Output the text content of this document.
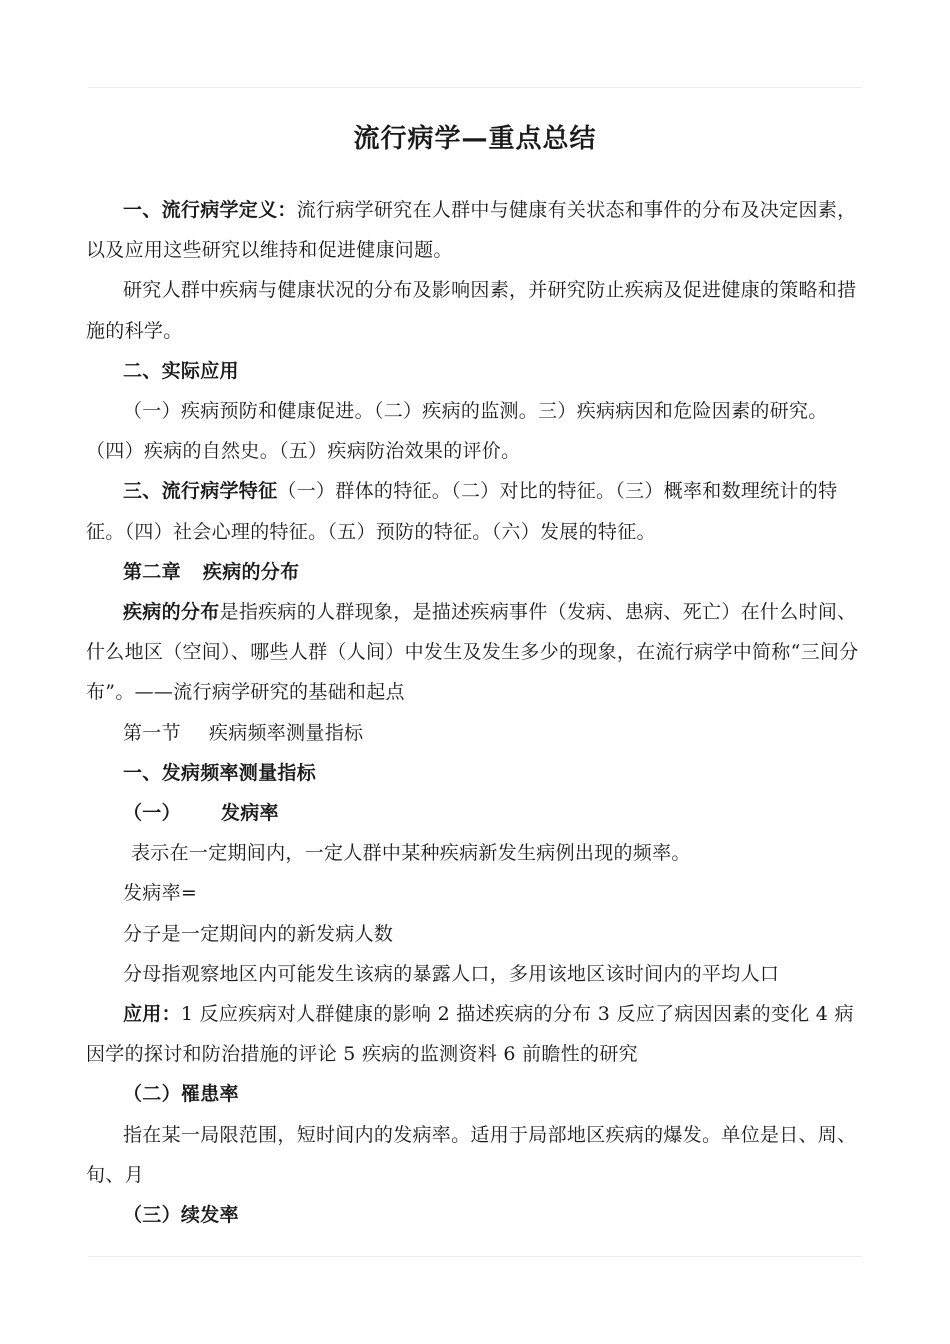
流行病学—重点总结

一、流行病学定义：流行病学研究在人群中与健康有关状态和事件的分布及决定因素，以及应用这些研究以维持和促进健康问题。

研究人群中疾病与健康状况的分布及影响因素，并研究防止疾病及促进健康的策略和措施的科学。

二、实际应用

（一）疾病预防和健康促进。（二）疾病的监测。三）疾病病因和危险因素的研究。（四）疾病的自然史。（五）疾病防治效果的评价。

三、流行病学特征（一）群体的特征。（二）对比的特征。（三）概率和数理统计的特征。（四）社会心理的特征。（五）预防的特征。（六）发展的特征。

第二章 疾病的分布

疾病的分布是指疾病的人群现象，是描述疾病事件（发病、患病、死亡）在什么时间、什么地区（空间）、哪些人群（人间）中发生及发生多少的现象，在流行病学中简称“三间分布”。——流行病学研究的基础和起点

第一节 疾病频率测量指标

一、发病频率测量指标

（一） 发病率

表示在一定期间内，一定人群中某种疾病新发生病例出现的频率。

发病率=

分子是一定期间内的新发病人数

分母指观察地区内可能发生该病的暴露人口，多用该地区该时间内的平均人口

应用：1 反应疾病对人群健康的影响 2 描述疾病的分布 3 反应了病因因素的变化 4 病因学的探讨和防治措施的评论 5 疾病的监测资料 6 前瞻性的研究

（二）罹患率

指在某一局限范围，短时间内的发病率。适用于局部地区疾病的爆发。单位是日、周、旬、月

（三）续发率
